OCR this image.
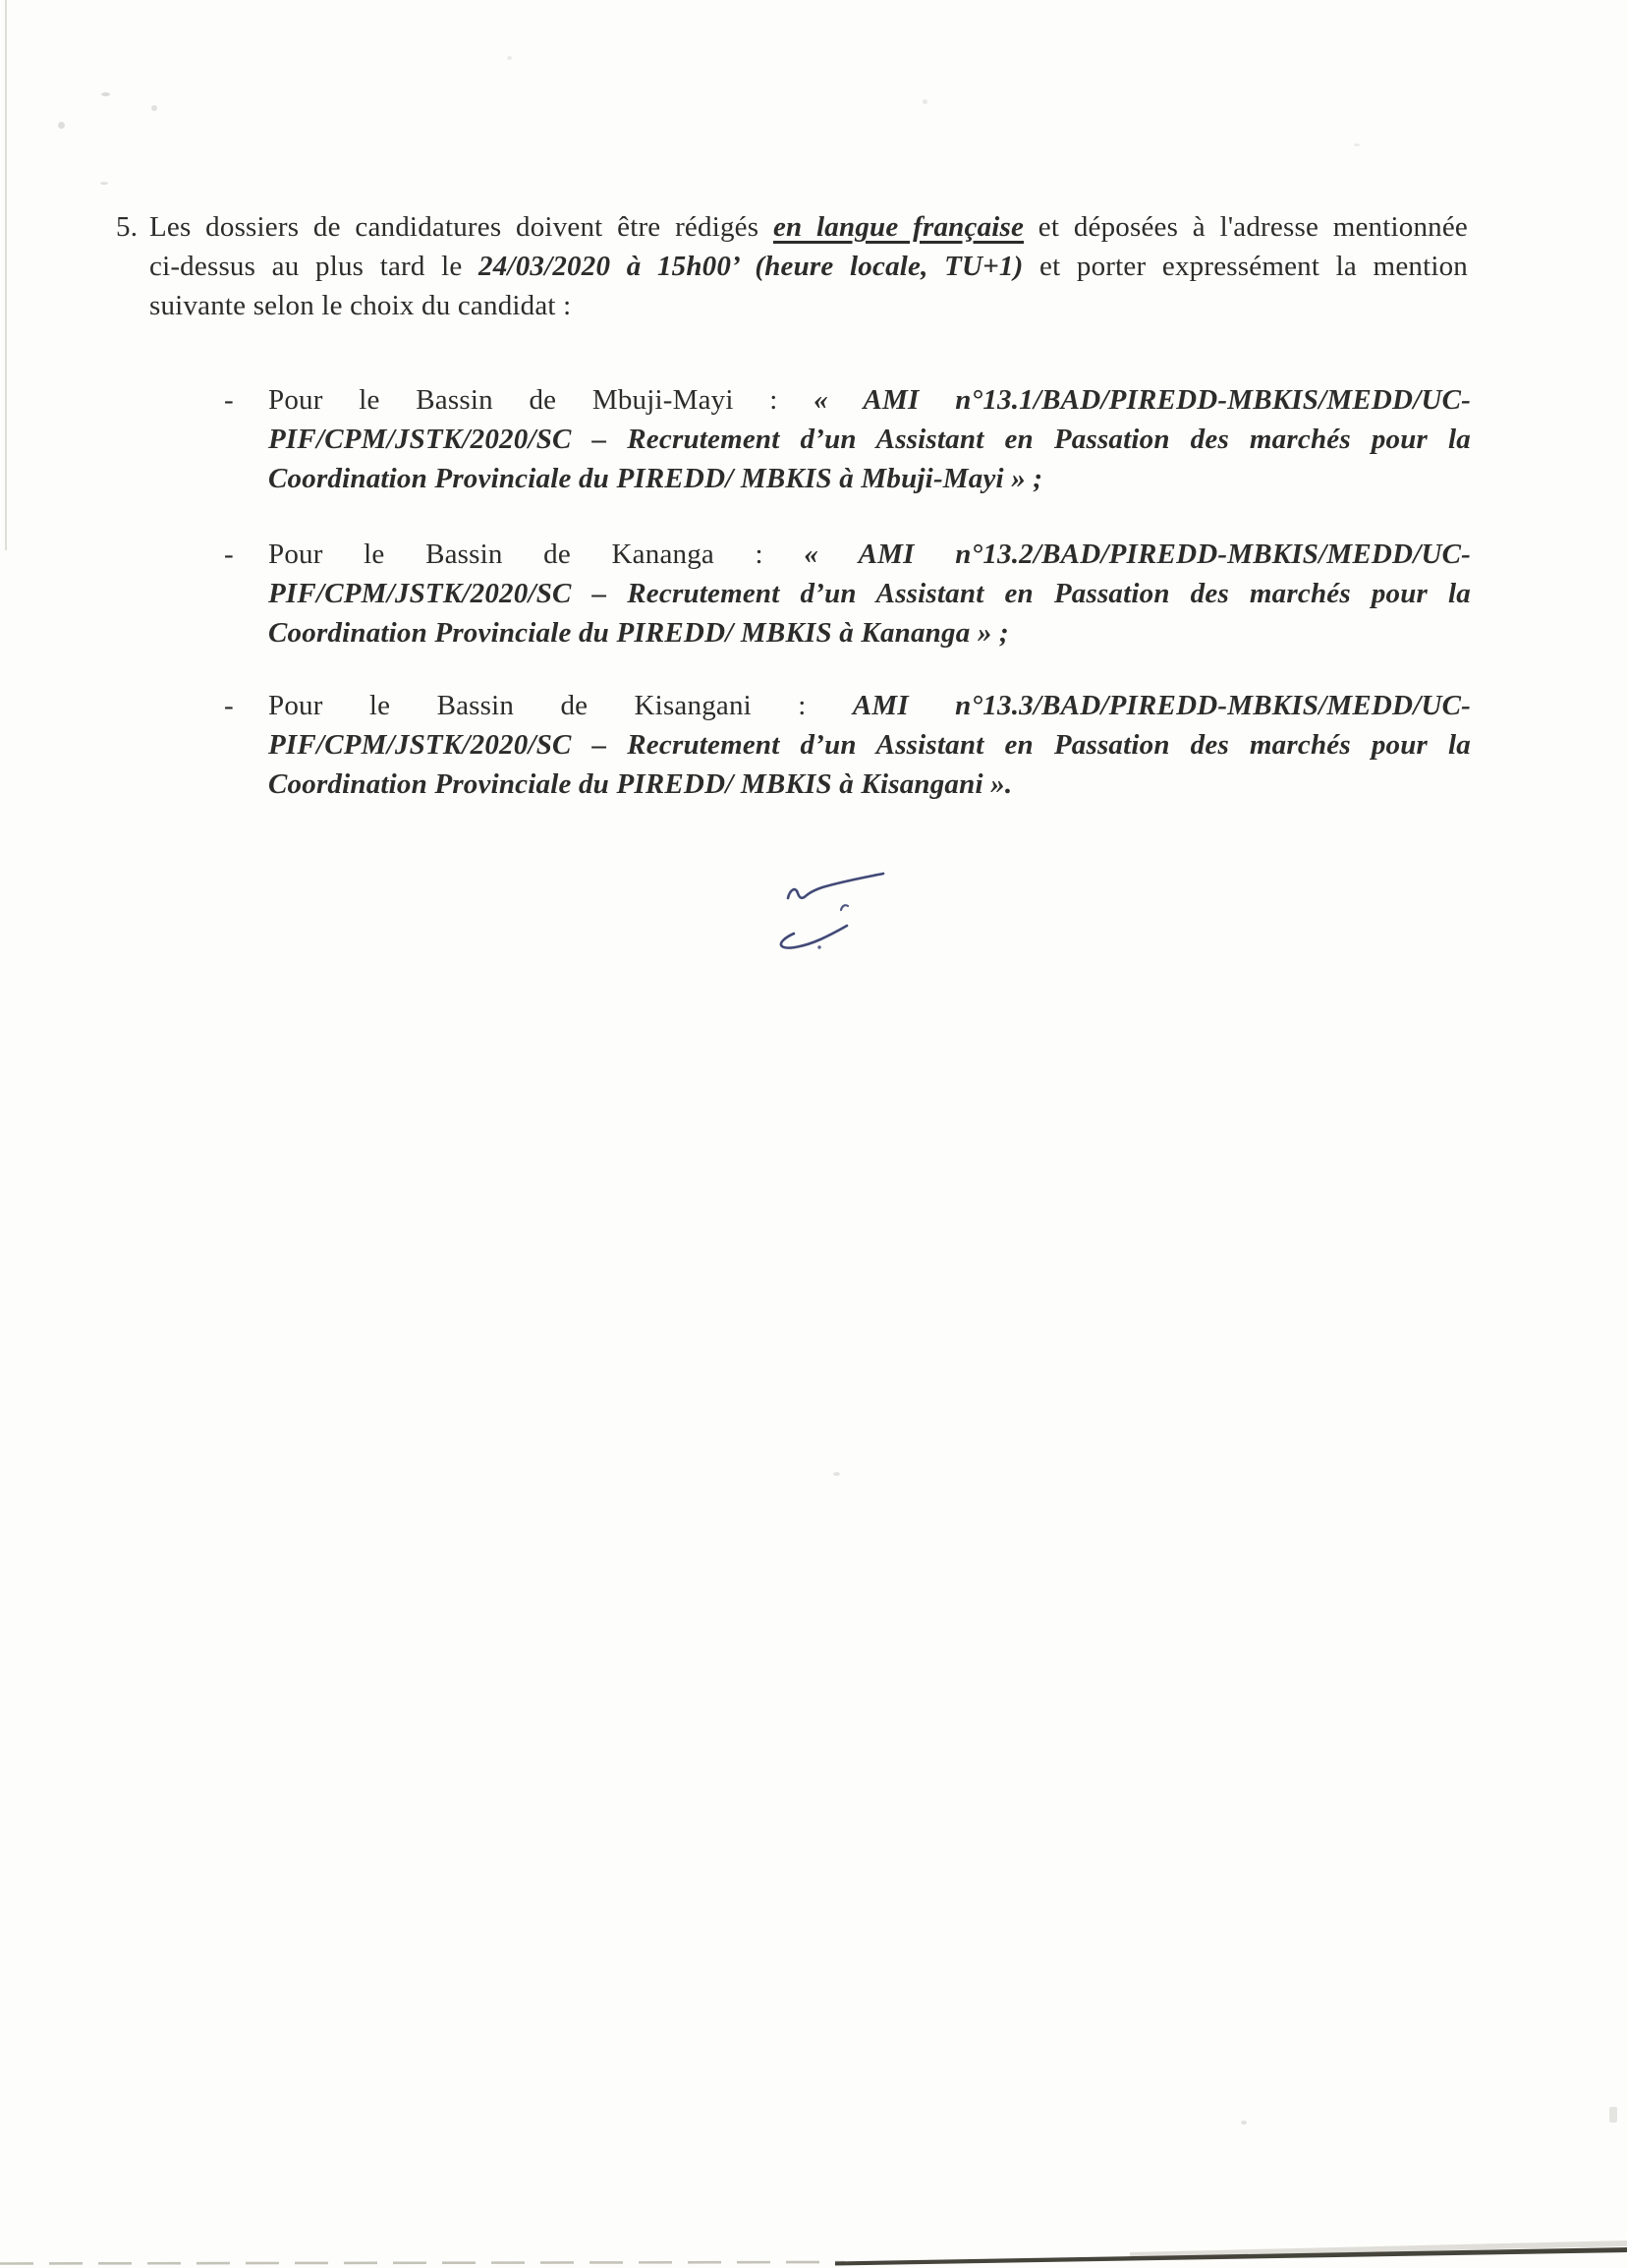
5. Les dossiers de candidatures doivent être rédigés en langue française et déposées à l'adresse mentionnée
ci-dessus au plus tard le 24/03/2020 à 15h00’ (heure locale, TU+1) et porter expressément la mention
suivante selon le choix du candidat :
-	Pour le Bassin de Mbuji-Mayi : « AMI n°13.1/BAD/PIREDD-MBKIS/MEDD/UC-
PIF/CPM/JSTK/2020/SC – Recrutement d’un Assistant en Passation des marchés pour la
Coordination Provinciale du PIREDD/ MBKIS à Mbuji-Mayi » ;
-	Pour le Bassin de Kananga : « AMI n°13.2/BAD/PIREDD-MBKIS/MEDD/UC-
PIF/CPM/JSTK/2020/SC – Recrutement d’un Assistant en Passation des marchés pour la
Coordination Provinciale du PIREDD/ MBKIS à Kananga » ;
-	Pour le Bassin de Kisangani : AMI n°13.3/BAD/PIREDD-MBKIS/MEDD/UC-
PIF/CPM/JSTK/2020/SC – Recrutement d’un Assistant en Passation des marchés pour la
Coordination Provinciale du PIREDD/ MBKIS à Kisangani ».
